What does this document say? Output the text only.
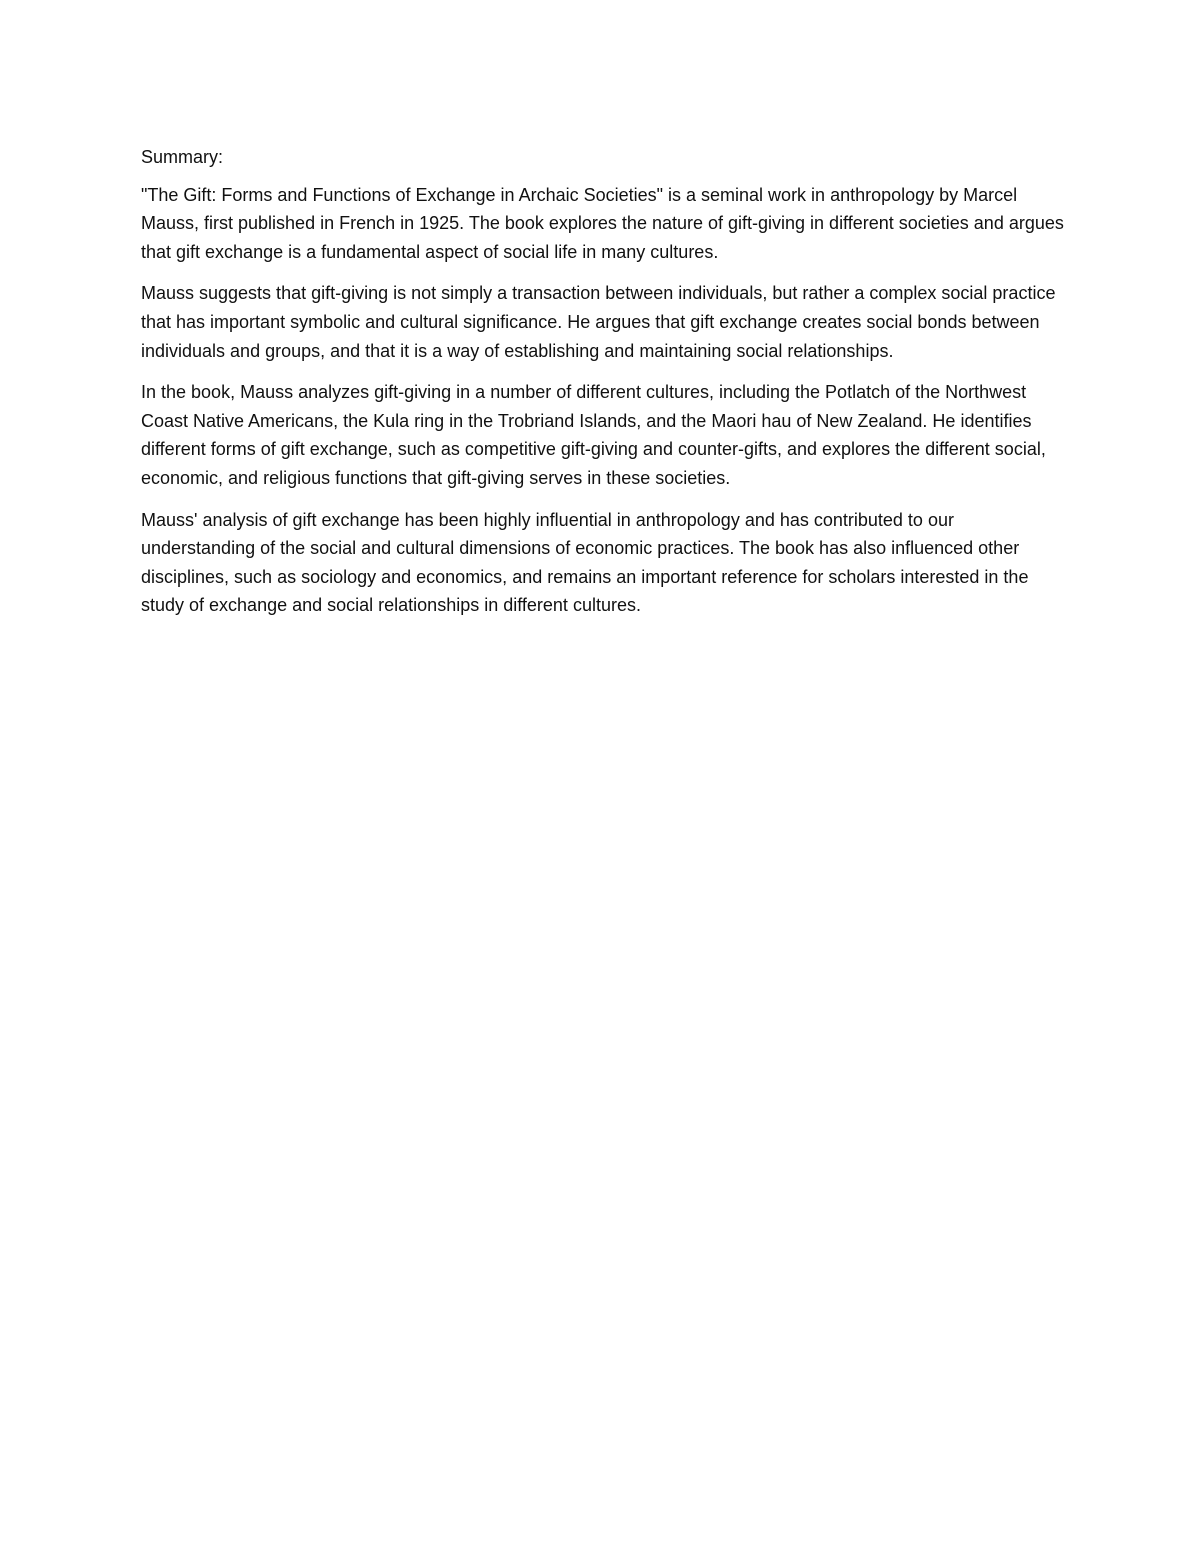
Summary:

"The Gift: Forms and Functions of Exchange in Archaic Societies" is a seminal work in anthropology by Marcel Mauss, first published in French in 1925. The book explores the nature of gift-giving in different societies and argues that gift exchange is a fundamental aspect of social life in many cultures.

Mauss suggests that gift-giving is not simply a transaction between individuals, but rather a complex social practice that has important symbolic and cultural significance. He argues that gift exchange creates social bonds between individuals and groups, and that it is a way of establishing and maintaining social relationships.

In the book, Mauss analyzes gift-giving in a number of different cultures, including the Potlatch of the Northwest Coast Native Americans, the Kula ring in the Trobriand Islands, and the Maori hau of New Zealand. He identifies different forms of gift exchange, such as competitive gift-giving and counter-gifts, and explores the different social, economic, and religious functions that gift-giving serves in these societies.

Mauss' analysis of gift exchange has been highly influential in anthropology and has contributed to our understanding of the social and cultural dimensions of economic practices. The book has also influenced other disciplines, such as sociology and economics, and remains an important reference for scholars interested in the study of exchange and social relationships in different cultures.
